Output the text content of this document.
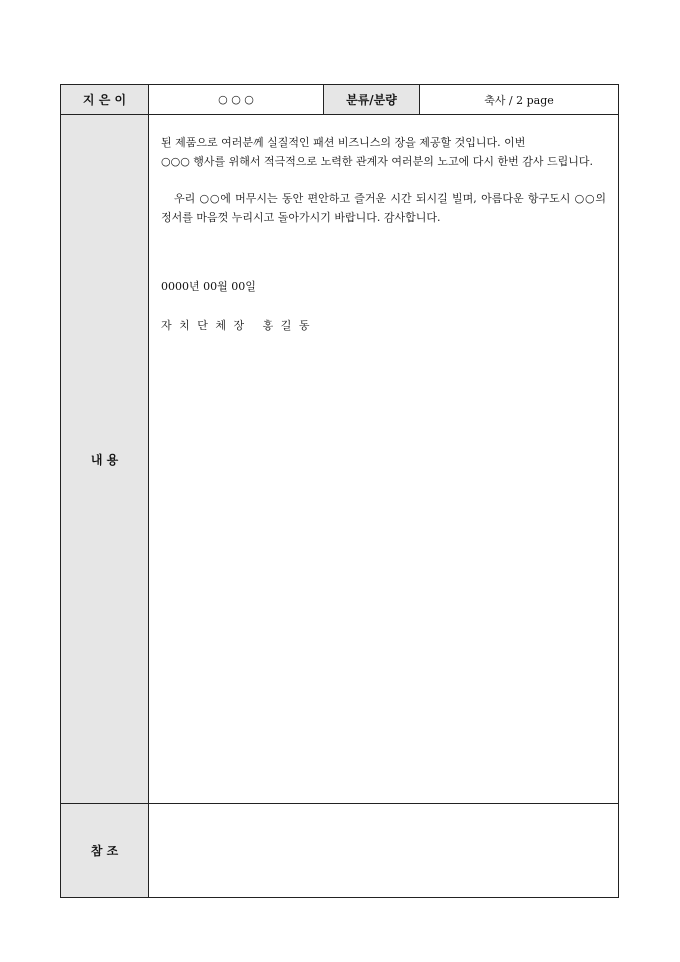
지 은 이	○ ○ ○	분류/분량	축사 / 2 page
내 용	된 제품으로 여러분께 실질적인 패션 비즈니스의 장을 제공할 것입니다. 이번
○○○ 행사를 위해서 적극적으로 노력한 관계자 여러분의 노고에 다시 한번 감사 드립니다.

우리 ○○에 머무시는 동안 편안하고 즐거운 시간 되시길 빌며, 아름다운 항구도시 ○○의 정서를 마음껏 누리시고 돌아가시기 바랍니다. 감사합니다.

0000년 00월 00일

자 치 단 체 장   홍 길 동		

참 조			
